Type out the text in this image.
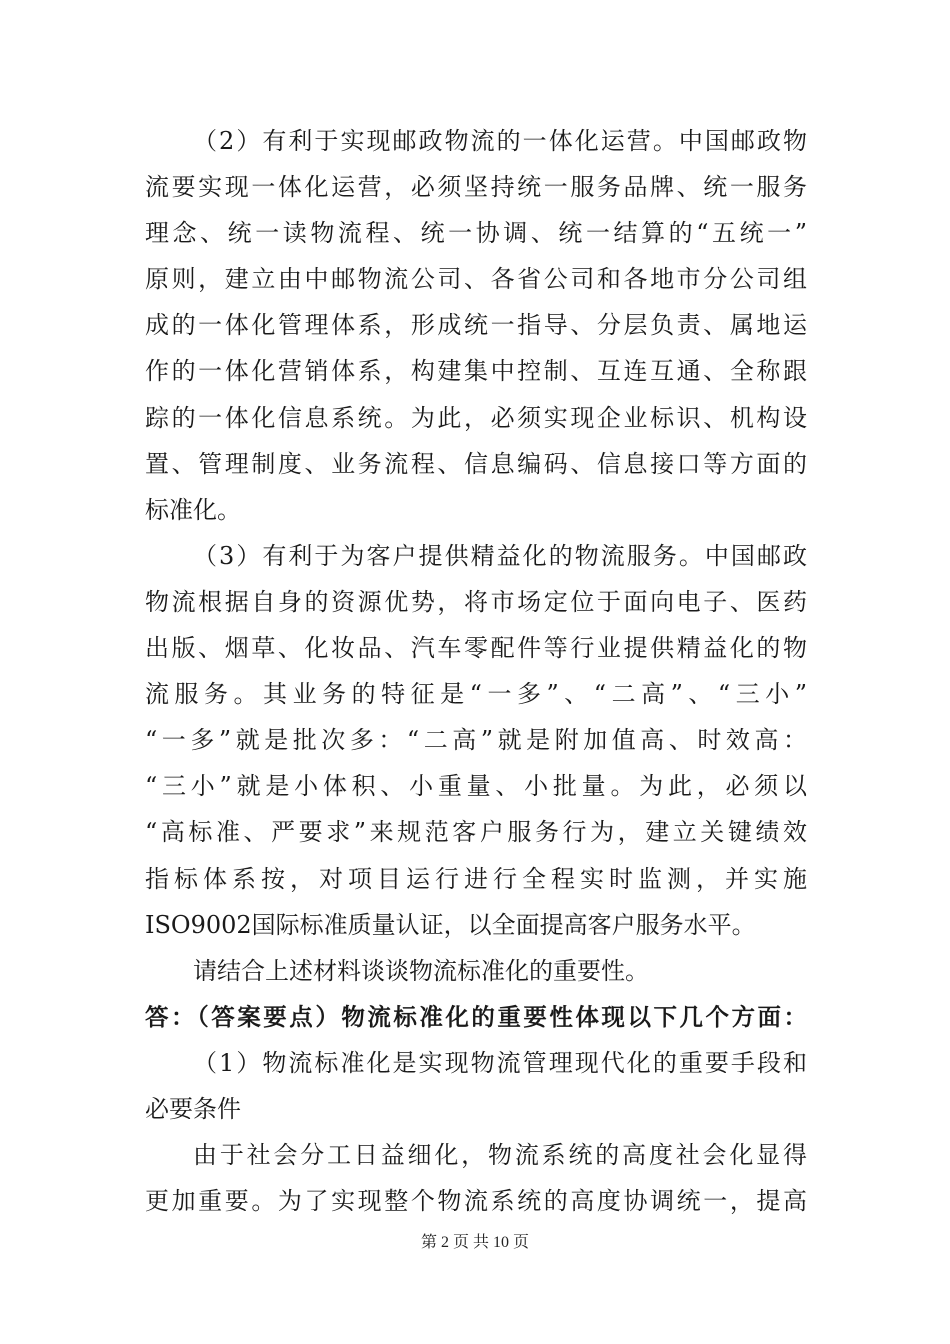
（2）有利于实现邮政物流的一体化运营。中国邮政物
流要实现一体化运营，必须坚持统一服务品牌、统一服务
理念、统一读物流程、统一协调、统一结算的“五统一”
原则，建立由中邮物流公司、各省公司和各地市分公司组
成的一体化管理体系，形成统一指导、分层负责、属地运
作的一体化营销体系，构建集中控制、互连互通、全称跟
踪的一体化信息系统。为此，必须实现企业标识、机构设
置、管理制度、业务流程、信息编码、信息接口等方面的
标准化。
（3）有利于为客户提供精益化的物流服务。中国邮政
物流根据自身的资源优势，将市场定位于面向电子、医药
出版、烟草、化妆品、汽车零配件等行业提供精益化的物
流服务。其业务的特征是“一多”、“二高”、“三小”
“一多”就是批次多：“二高”就是附加值高、时效高：
“三小”就是小体积、小重量、小批量。为此，必须以
“高标准、严要求”来规范客户服务行为，建立关键绩效
指标体系按，对项目运行进行全程实时监测，并实施
ISO9002国际标准质量认证，以全面提高客户服务水平。
请结合上述材料谈谈物流标准化的重要性。
答：（答案要点）物流标准化的重要性体现以下几个方面：
（1）物流标准化是实现物流管理现代化的重要手段和
必要条件
由于社会分工日益细化，物流系统的高度社会化显得
更加重要。为了实现整个物流系统的高度协调统一，提高
第 2 页 共 10 页
